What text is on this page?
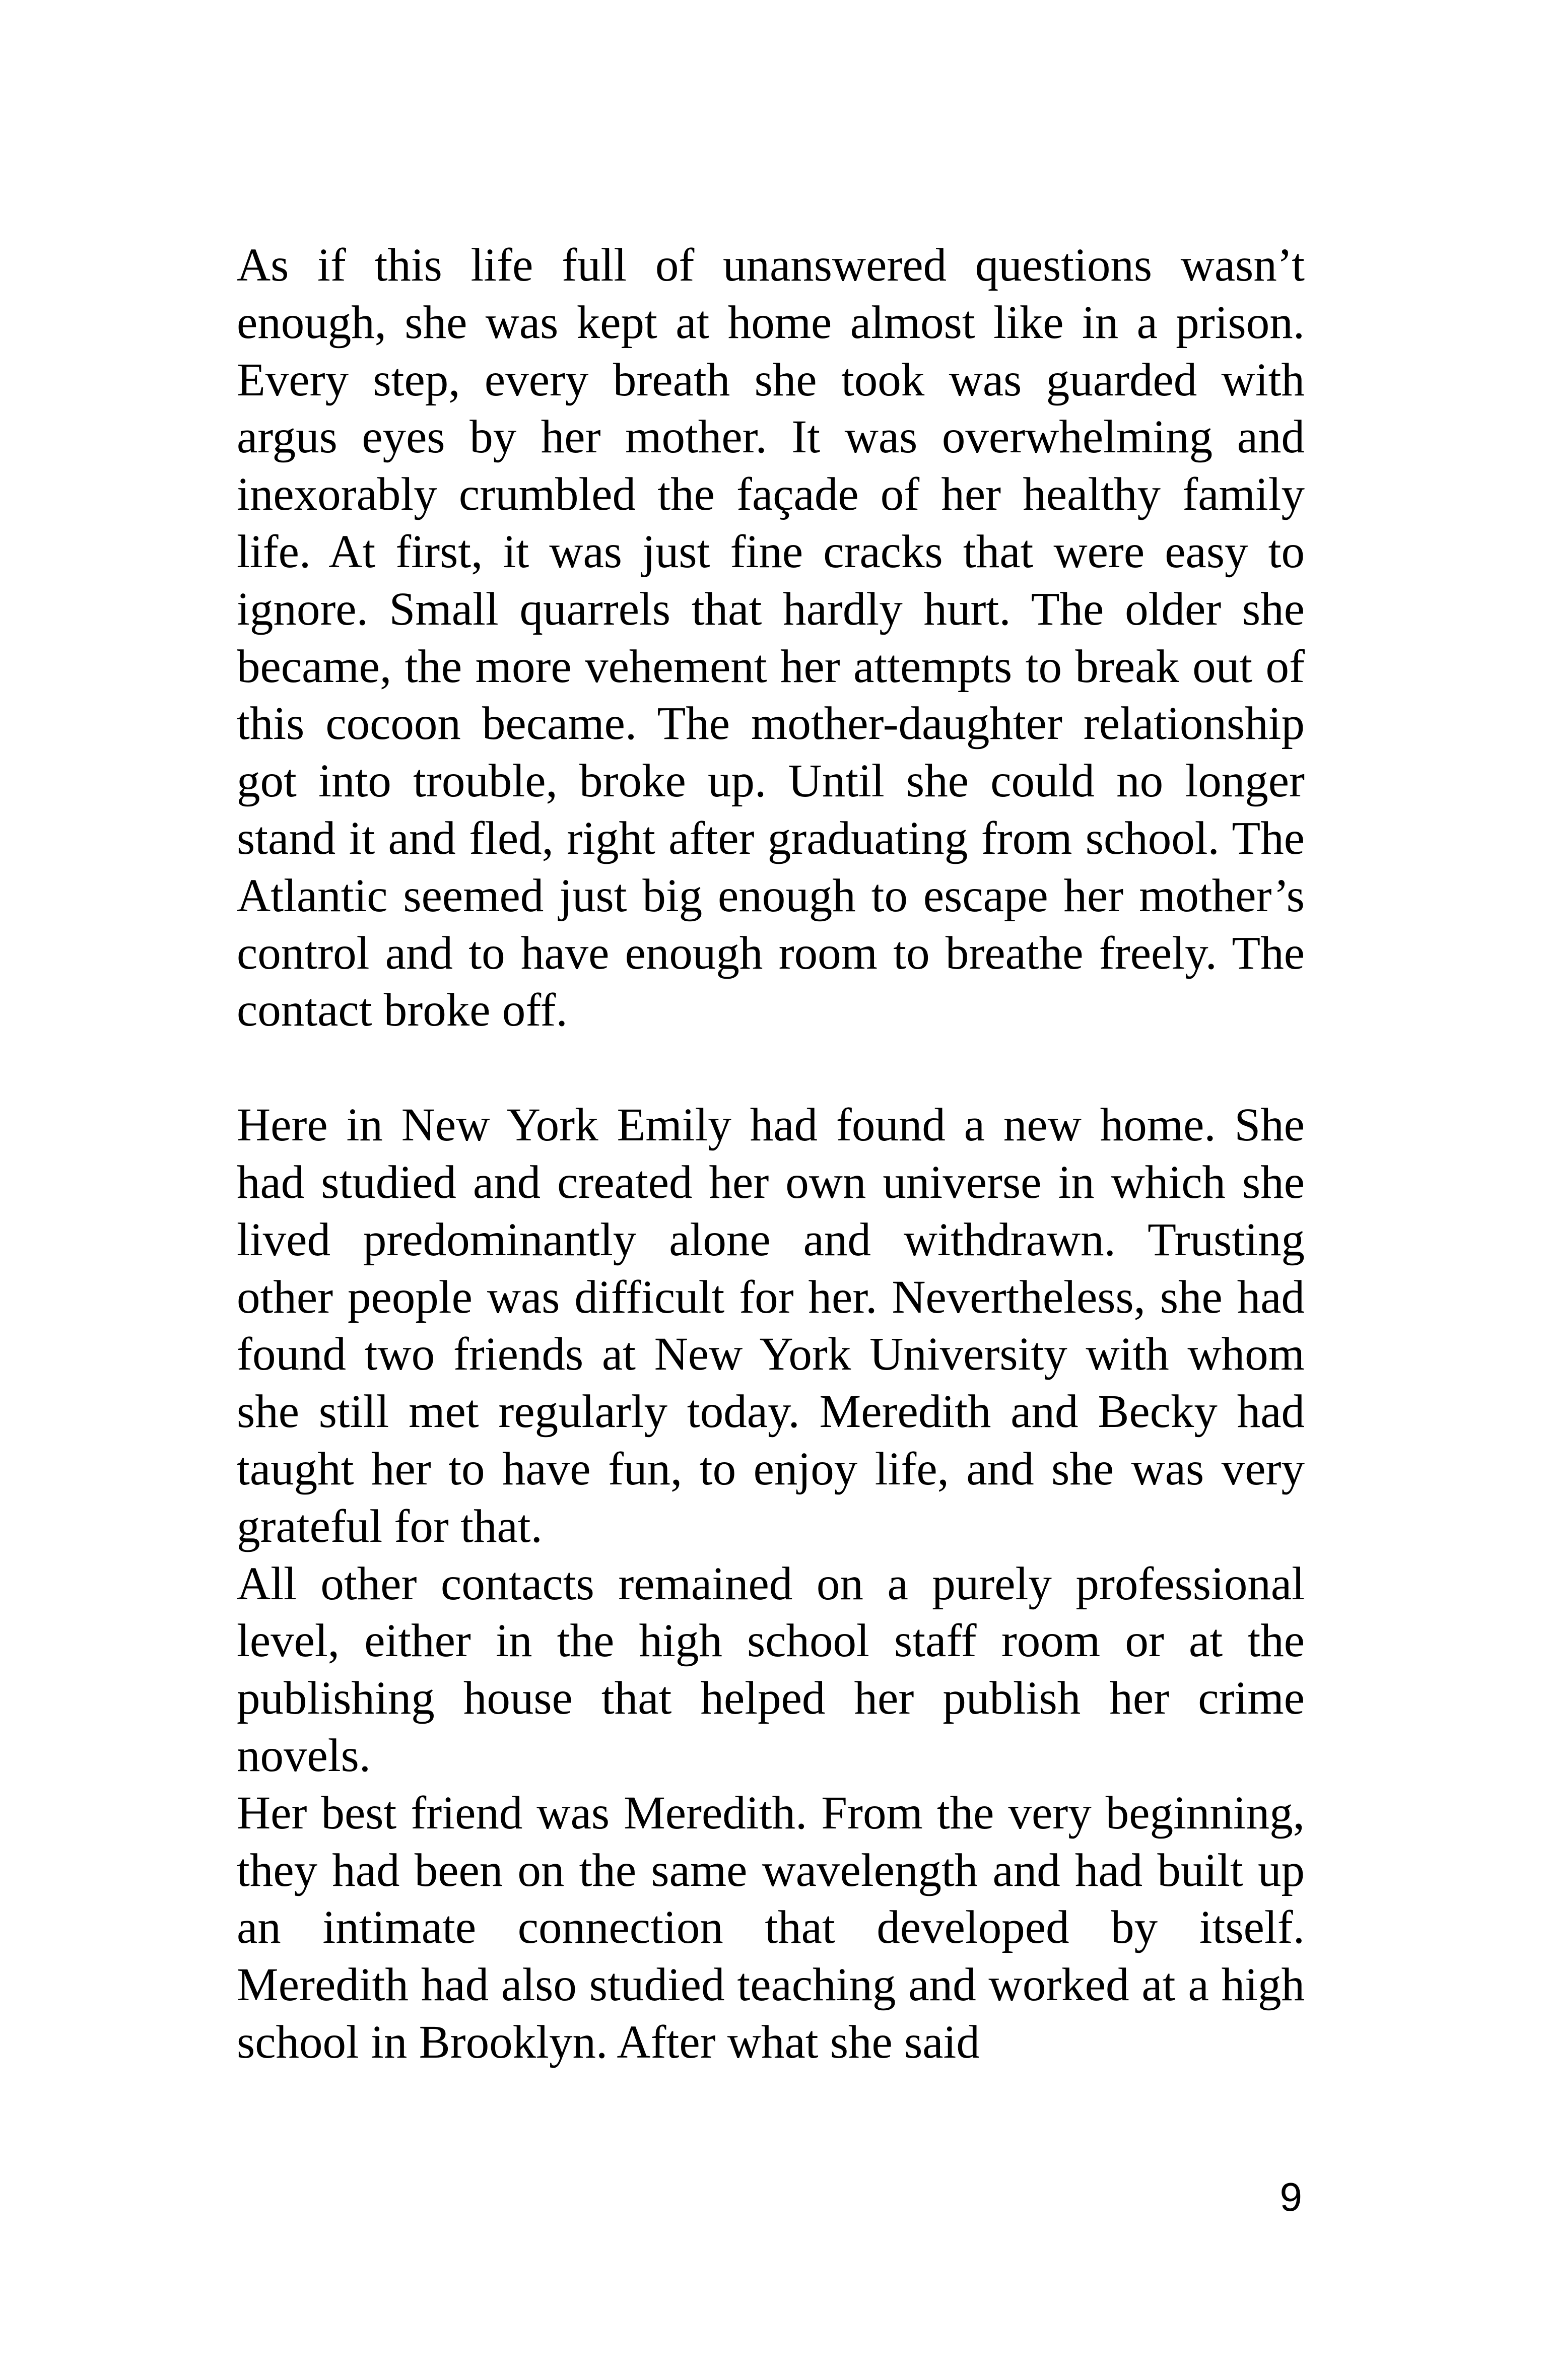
As if this life full of unanswered questions wasn’t enough, she was kept at home almost like in a prison. Every step, every breath she took was guarded with argus eyes by her mother. It was overwhelming and inexorably crumbled the façade of her healthy family life. At first, it was just fine cracks that were easy to ignore. Small quarrels that hardly hurt. The older she became, the more vehement her attempts to break out of this cocoon became. The mother-daughter relationship got into trouble, broke up. Until she could no longer stand it and fled, right after graduating from school. The Atlantic seemed just big enough to escape her mother’s control and to have enough room to breathe freely. The contact broke off.

Here in New York Emily had found a new home. She had studied and created her own universe in which she lived predominantly alone and withdrawn. Trusting other people was difficult for her. Nevertheless, she had found two friends at New York University with whom she still met regularly today. Meredith and Becky had taught her to have fun, to enjoy life, and she was very grateful for that.

All other contacts remained on a purely professional level, either in the high school staff room or at the publishing house that helped her publish her crime novels.

Her best friend was Meredith. From the very beginning, they had been on the same wavelength and had built up an intimate connection that developed by itself. Meredith had also studied teaching and worked at a high school in Brooklyn. After what she said

9
